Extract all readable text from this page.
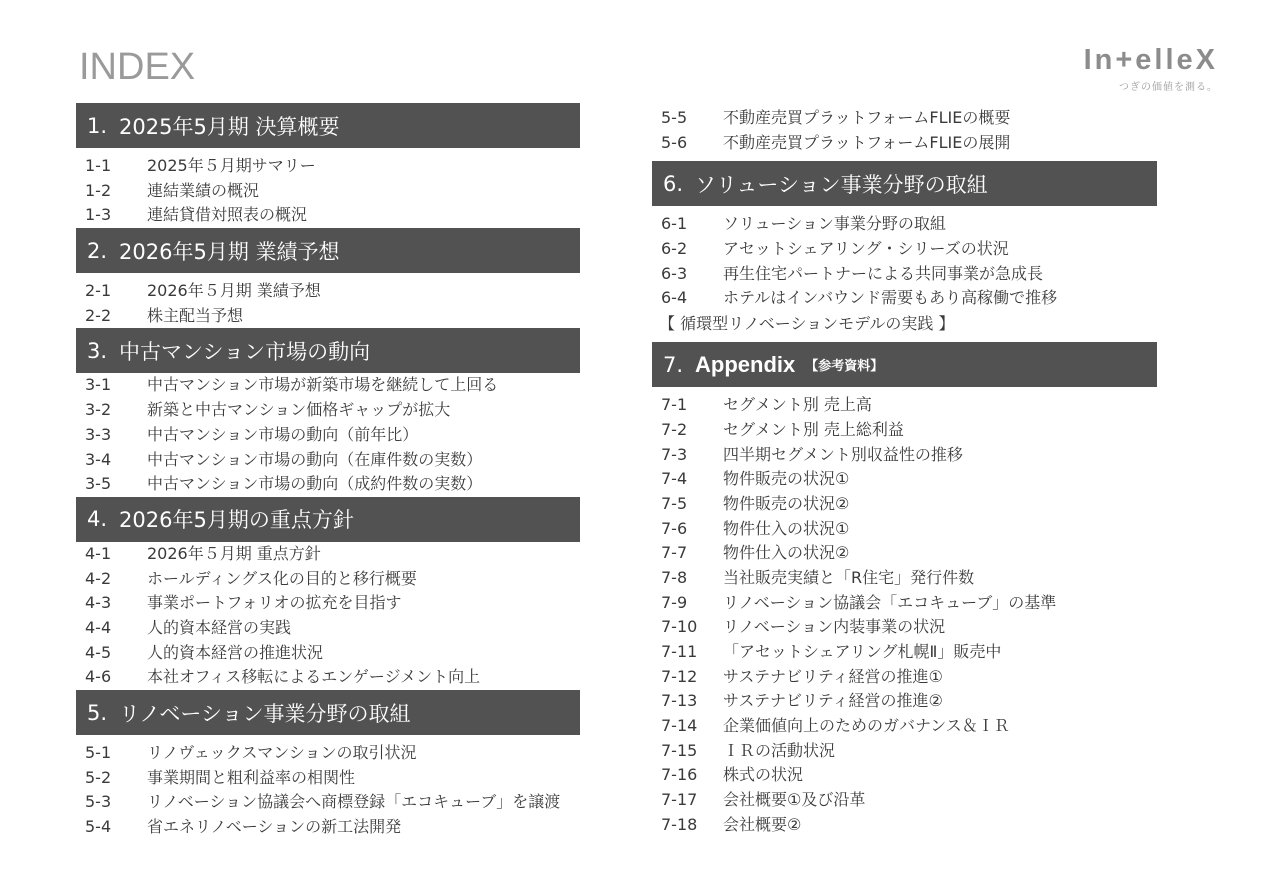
INDEX	In+elleX
つぎの価値を測る。
1. 2025年5月期 決算概要
1-1 2025年５月期サマリー
1-2 連結業績の概況
1-3 連結貸借対照表の概況
2. 2026年5月期 業績予想
2-1 2026年５月期 業績予想
2-2 株主配当予想
3. 中古マンション市場の動向
3-1 中古マンション市場が新築市場を継続して上回る
3-2 新築と中古マンション価格ギャップが拡大
3-3 中古マンション市場の動向（前年比）
3-4 中古マンション市場の動向（在庫件数の実数）
3-5 中古マンション市場の動向（成約件数の実数）
4. 2026年5月期の重点方針
4-1 2026年５月期 重点方針
4-2 ホールディングス化の目的と移行概要
4-3 事業ポートフォリオの拡充を目指す
4-4 人的資本経営の実践
4-5 人的資本経営の推進状況
4-6 本社オフィス移転によるエンゲージメント向上
5. リノベーション事業分野の取組
5-1 リノヴェックスマンションの取引状況
5-2 事業期間と粗利益率の相関性
5-3 リノベーション協議会へ商標登録「エコキューブ」を譲渡
5-4 省エネリノベーションの新工法開発
5-5 不動産売買プラットフォームFLIEの概要
5-6 不動産売買プラットフォームFLIEの展開
6. ソリューション事業分野の取組
6-1 ソリューション事業分野の取組
6-2 アセットシェアリング・シリーズの状況
6-3 再生住宅パートナーによる共同事業が急成長
6-4 ホテルはインバウンド需要もあり高稼働で推移
【 循環型リノベーションモデルの実践 】
7. Appendix 【参考資料】
7-1 セグメント別 売上高
7-2 セグメント別 売上総利益
7-3 四半期セグメント別収益性の推移
7-4 物件販売の状況①
7-5 物件販売の状況②
7-6 物件仕入の状況①
7-7 物件仕入の状況②
7-8 当社販売実績と「R住宅」発行件数
7-9 リノベーション協議会「エコキューブ」の基準
7-10 リノベーション内装事業の状況
7-11 「アセットシェアリング札幌Ⅱ」販売中
7-12 サステナビリティ経営の推進①
7-13 サステナビリティ経営の推進②
7-14 企業価値向上のためのガバナンス＆ＩＲ
7-15 ＩＲの活動状況
7-16 株式の状況
7-17 会社概要①及び沿革
7-18 会社概要②
